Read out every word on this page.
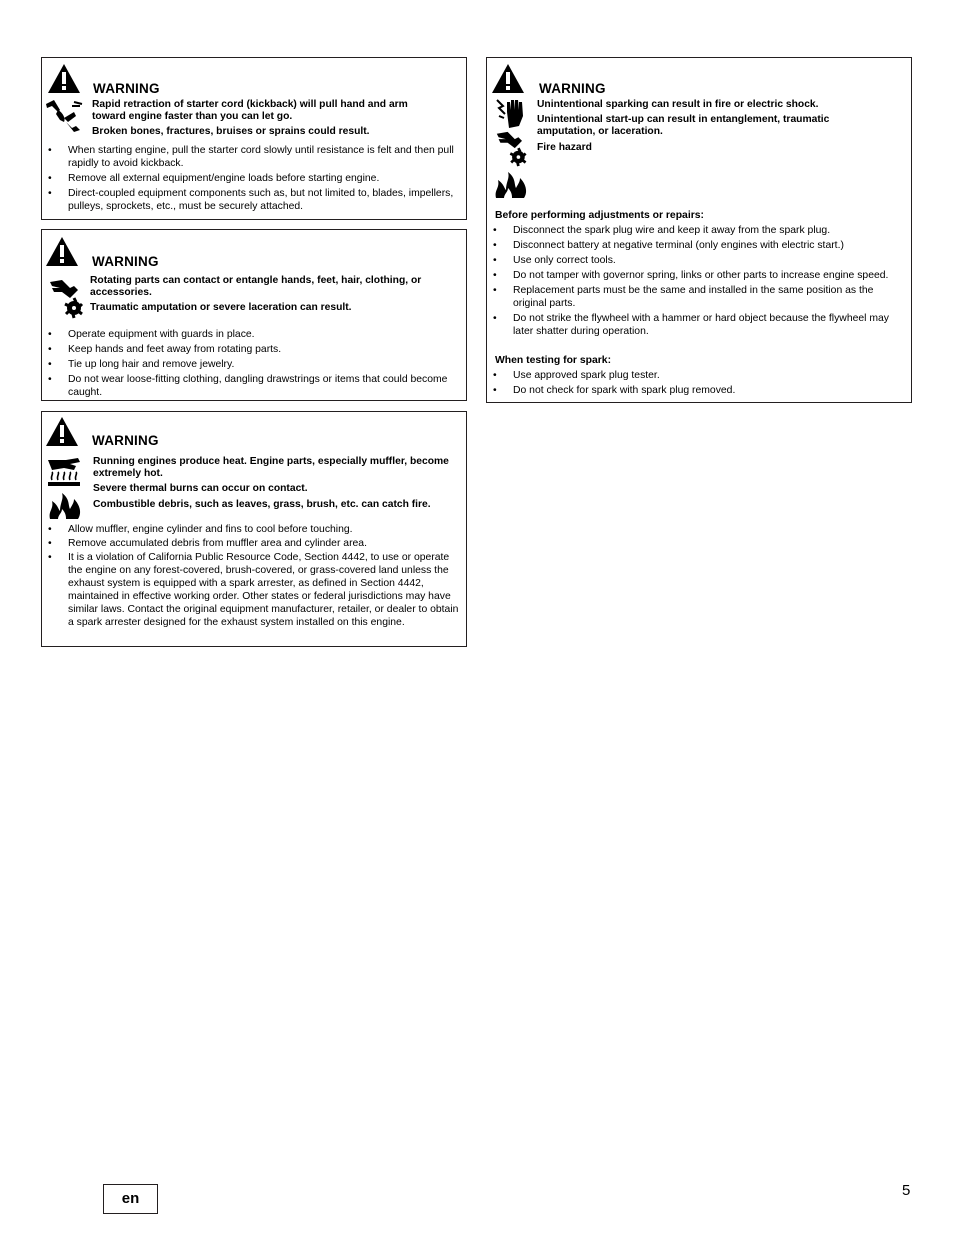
WARNING

Rapid retraction of starter cord (kickback) will pull hand and arm toward engine faster than you can let go.

Broken bones, fractures, bruises or sprains could result.

• When starting engine, pull the starter cord slowly until resistance is felt and then pull rapidly to avoid kickback.
• Remove all external equipment/engine loads before starting engine.
• Direct-coupled equipment components such as, but not limited to, blades, impellers, pulleys, sprockets, etc., must be securely attached.
WARNING

Rotating parts can contact or entangle hands, feet, hair, clothing, or accessories.

Traumatic amputation or severe laceration can result.

• Operate equipment with guards in place.
• Keep hands and feet away from rotating parts.
• Tie up long hair and remove jewelry.
• Do not wear loose-fitting clothing, dangling drawstrings or items that could become caught.
WARNING

Running engines produce heat. Engine parts, especially muffler, become extremely hot.

Severe thermal burns can occur on contact.

Combustible debris, such as leaves, grass, brush, etc. can catch fire.

• Allow muffler, engine cylinder and fins to cool before touching.
• Remove accumulated debris from muffler area and cylinder area.
• It is a violation of California Public Resource Code, Section 4442, to use or operate the engine on any forest-covered, brush-covered, or grass-covered land unless the exhaust system is equipped with a spark arrester, as defined in Section 4442, maintained in effective working order. Other states or federal jurisdictions may have similar laws. Contact the original equipment manufacturer, retailer, or dealer to obtain a spark arrester designed for the exhaust system installed on this engine.
WARNING

Unintentional sparking can result in fire or electric shock.

Unintentional start-up can result in entanglement, traumatic amputation, or laceration.

Fire hazard

Before performing adjustments or repairs:

• Disconnect the spark plug wire and keep it away from the spark plug.
• Disconnect battery at negative terminal (only engines with electric start.)
• Use only correct tools.
• Do not tamper with governor spring, links or other parts to increase engine speed.
• Replacement parts must be the same and installed in the same position as the original parts.
• Do not strike the flywheel with a hammer or hard object because the flywheel may later shatter during operation.

When testing for spark:

• Use approved spark plug tester.
• Do not check for spark with spark plug removed.
en	5
